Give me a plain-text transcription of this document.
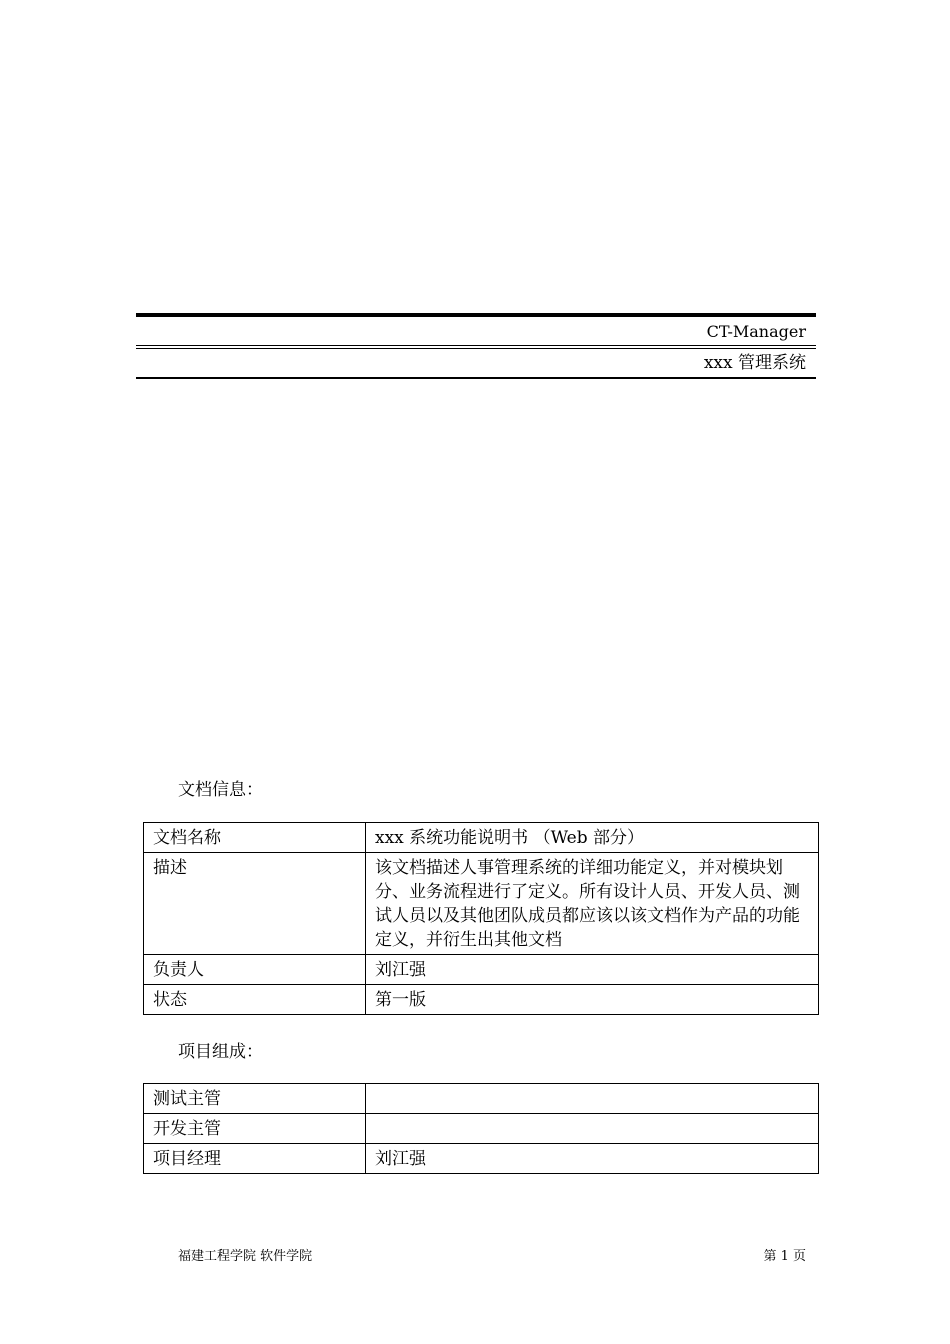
CT-Manager
xxx 管理系统
文档信息：
文档名称	xxx 系统功能说明书 （Web 部分）
描述	该文档描述人事管理系统的详细功能定义，并对模块划分、业务流程进行了定义。所有设计人员、开发人员、测试人员以及其他团队成员都应该以该文档作为产品的功能定义，并衍生出其他文档
负责人	刘江强
状态	第一版
项目组成：
测试主管	
开发主管	
项目经理	刘江强
福建工程学院 软件学院	第 1 页
